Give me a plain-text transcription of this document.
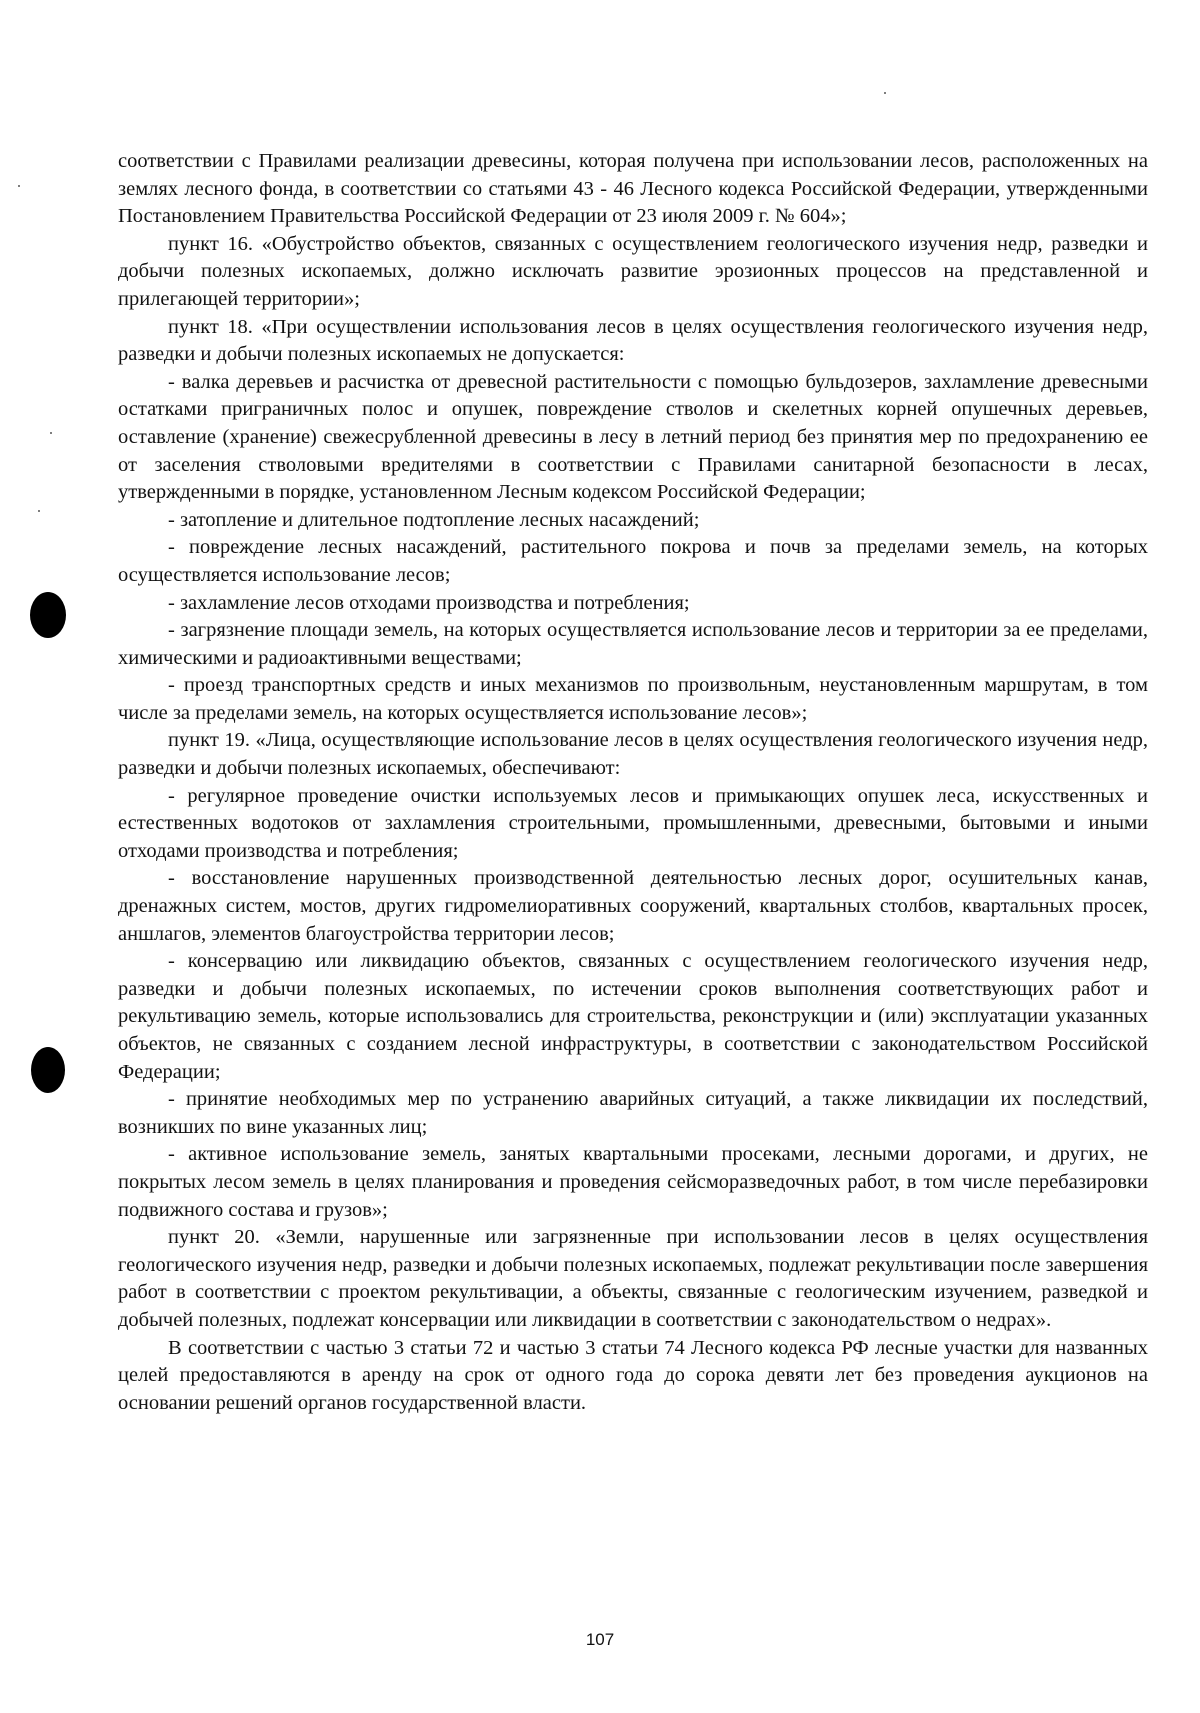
соответствии с Правилами реализации древесины, которая получена при использовании лесов, расположенных на землях лесного фонда, в соответствии со статьями 43 - 46 Лесного кодекса Российской Федерации, утвержденными Постановлением Правительства Российской Федерации от 23 июля 2009 г. № 604»;

пункт 16. «Обустройство объектов, связанных с осуществлением геологического изучения недр, разведки и добычи полезных ископаемых, должно исключать развитие эрозионных процессов на представленной и прилегающей территории»;

пункт 18. «При осуществлении использования лесов в целях осуществления геологического изучения недр, разведки и добычи полезных ископаемых не допускается:

- валка деревьев и расчистка от древесной растительности с помощью бульдозеров, захламление древесными остатками приграничных полос и опушек, повреждение стволов и скелетных корней опушечных деревьев, оставление (хранение) свежесрубленной древесины в лесу в летний период без принятия мер по предохранению ее от заселения стволовыми вредителями в соответствии с Правилами санитарной безопасности в лесах, утвержденными в порядке, установленном Лесным кодексом Российской Федерации;

- затопление и длительное подтопление лесных насаждений;

- повреждение лесных насаждений, растительного покрова и почв за пределами земель, на которых осуществляется использование лесов;

- захламление лесов отходами производства и потребления;

- загрязнение площади земель, на которых осуществляется использование лесов и территории за ее пределами, химическими и радиоактивными веществами;

- проезд транспортных средств и иных механизмов по произвольным, неустановленным маршрутам, в том числе за пределами земель, на которых осуществляется использование лесов»;

пункт 19. «Лица, осуществляющие использование лесов в целях осуществления геологического изучения недр, разведки и добычи полезных ископаемых, обеспечивают:

- регулярное проведение очистки используемых лесов и примыкающих опушек леса, искусственных и естественных водотоков от захламления строительными, промышленными, древесными, бытовыми и иными отходами производства и потребления;

- восстановление нарушенных производственной деятельностью лесных дорог, осушительных канав, дренажных систем, мостов, других гидромелиоративных сооружений, квартальных столбов, квартальных просек, аншлагов, элементов благоустройства территории лесов;

- консервацию или ликвидацию объектов, связанных с осуществлением геологического изучения недр, разведки и добычи полезных ископаемых, по истечении сроков выполнения соответствующих работ и рекультивацию земель, которые использовались для строительства, реконструкции и (или) эксплуатации указанных объектов, не связанных с созданием лесной инфраструктуры, в соответствии с законодательством Российской Федерации;

- принятие необходимых мер по устранению аварийных ситуаций, а также ликвидации их последствий, возникших по вине указанных лиц;

- активное использование земель, занятых квартальными просеками, лесными дорогами, и других, не покрытых лесом земель в целях планирования и проведения сейсморазведочных работ, в том числе перебазировки подвижного состава и грузов»;

пункт 20. «Земли, нарушенные или загрязненные при использовании лесов в целях осуществления геологического изучения недр, разведки и добычи полезных ископаемых, подлежат рекультивации после завершения работ в соответствии с проектом рекультивации, а объекты, связанные с геологическим изучением, разведкой и добычей полезных, подлежат консервации или ликвидации в соответствии с законодательством о недрах».

В соответствии с частью 3 статьи 72 и частью 3 статьи 74 Лесного кодекса РФ лесные участки для названных целей предоставляются в аренду на срок от одного года до сорока девяти лет без проведения аукционов на основании решений органов государственной власти.

107
